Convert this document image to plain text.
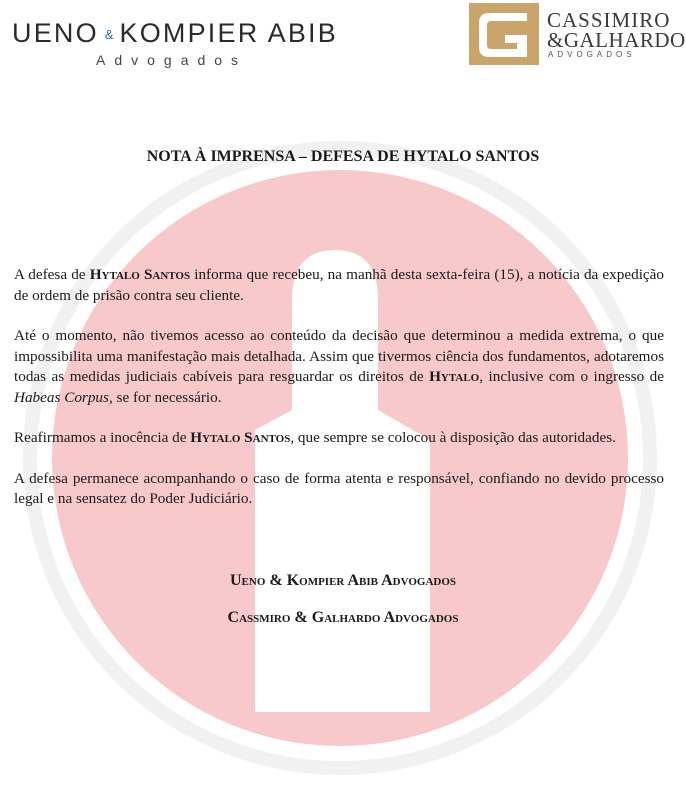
UENO & KOMPIER ABIB
Advogados
CASSIMIRO
&GALHARDO
ADVOGADOS
NOTA À IMPRENSA – DEFESA DE HYTALO SANTOS

A defesa de Hytalo Santos informa que recebeu, na manhã desta sexta-feira (15), a notícia da expedição de ordem de prisão contra seu cliente.

Até o momento, não tivemos acesso ao conteúdo da decisão que determinou a medida extrema, o que impossibilita uma manifestação mais detalhada. Assim que tivermos ciência dos fundamentos, adotaremos todas as medidas judiciais cabíveis para resguardar os direitos de Hytalo, inclusive com o ingresso de Habeas Corpus, se for necessário.

Reafirmamos a inocência de Hytalo Santos, que sempre se colocou à disposição das autoridades.

A defesa permanece acompanhando o caso de forma atenta e responsável, confiando no devido processo legal e na sensatez do Poder Judiciário.

Ueno & Kompier Abib Advogados
Cassmiro & Galhardo Advogados
